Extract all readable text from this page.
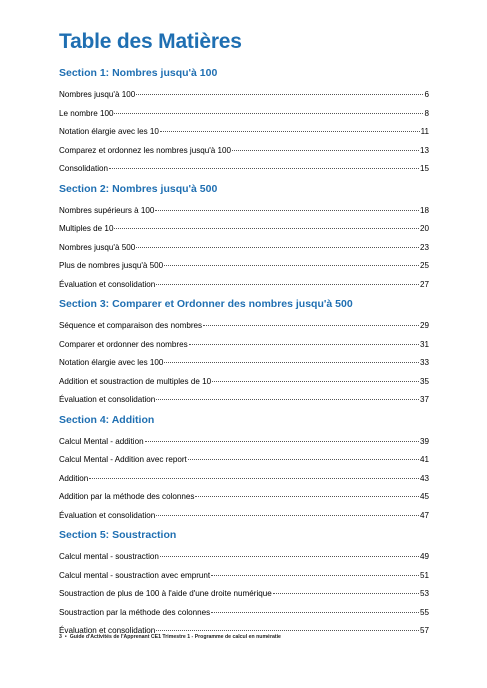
Table des Matières
Section 1: Nombres jusqu'à 100
Nombres jusqu'à 100	6
Le nombre 100	8
Notation élargie avec les 10	11
Comparez et ordonnez les nombres jusqu'à 100	13
Consolidation	15
Section 2: Nombres jusqu'à 500
Nombres supérieurs à 100	18
Multiples de 10	20
Nombres jusqu'à 500	23
Plus de nombres jusqu'à 500	25
Évaluation et consolidation	27
Section 3: Comparer et Ordonner des nombres jusqu'à 500
Séquence et comparaison des nombres	29
Comparer et ordonner des nombres	31
Notation élargie avec les 100	33
Addition et soustraction de multiples de 10	35
Évaluation et consolidation	37
Section 4: Addition
Calcul Mental - addition	39
Calcul Mental - Addition avec report	41
Addition	43
Addition par la méthode des colonnes	45
Évaluation et consolidation	47
Section 5: Soustraction
Calcul mental - soustraction	49
Calcul mental - soustraction avec emprunt	51
Soustraction de plus de 100 à l'aide d'une droite numérique	53
Soustraction par la méthode des colonnes	55
Évaluation et consolidation	57
3 • Guide d'Activités de l'Apprenant CE1 Trimestre 1 - Programme de calcul en numératie
